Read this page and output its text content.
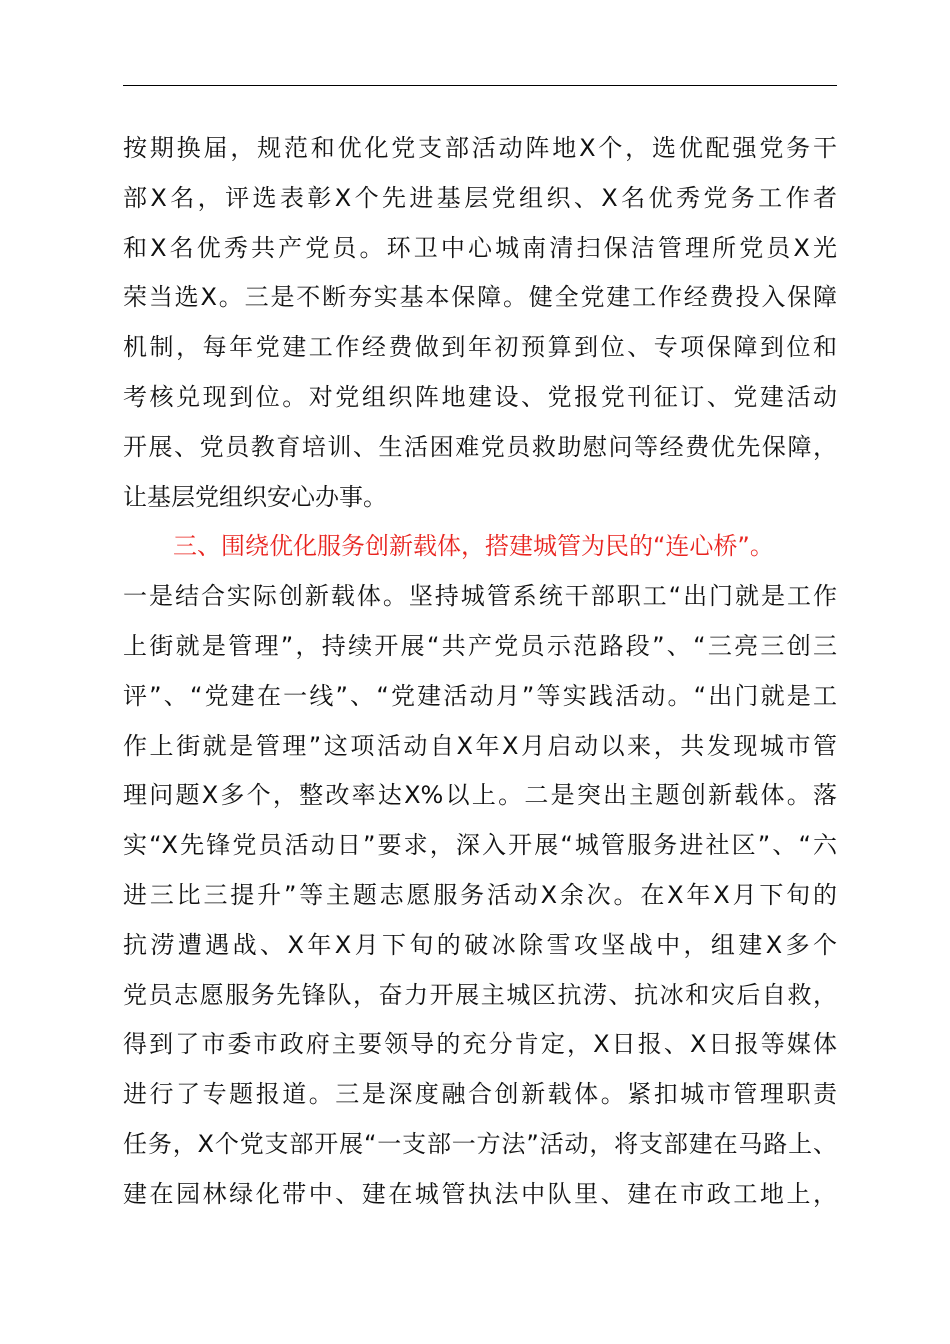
按期换届，规范和优化党支部活动阵地X个，选优配强党务干
部X名，评选表彰X个先进基层党组织、X名优秀党务工作者
和X名优秀共产党员。环卫中心城南清扫保洁管理所党员X光
荣当选X。三是不断夯实基本保障。健全党建工作经费投入保障
机制，每年党建工作经费做到年初预算到位、专项保障到位和
考核兑现到位。对党组织阵地建设、党报党刊征订、党建活动
开展、党员教育培训、生活困难党员救助慰问等经费优先保障，
让基层党组织安心办事。
三、围绕优化服务创新载体，搭建城管为民的“连心桥”。
一是结合实际创新载体。坚持城管系统干部职工“出门就是工作
上街就是管理”，持续开展“共产党员示范路段”、“三亮三创三
评”、“党建在一线”、“党建活动月”等实践活动。“出门就是工
作上街就是管理”这项活动自X年X月启动以来，共发现城市管
理问题X多个，整改率达X%以上。二是突出主题创新载体。落
实“X先锋党员活动日”要求，深入开展“城管服务进社区”、“六
进三比三提升”等主题志愿服务活动X余次。在X年X月下旬的
抗涝遭遇战、X年X月下旬的破冰除雪攻坚战中，组建X多个
党员志愿服务先锋队，奋力开展主城区抗涝、抗冰和灾后自救，
得到了市委市政府主要领导的充分肯定，X日报、X日报等媒体
进行了专题报道。三是深度融合创新载体。紧扣城市管理职责
任务，X个党支部开展“一支部一方法”活动，将支部建在马路上、
建在园林绿化带中、建在城管执法中队里、建在市政工地上，
